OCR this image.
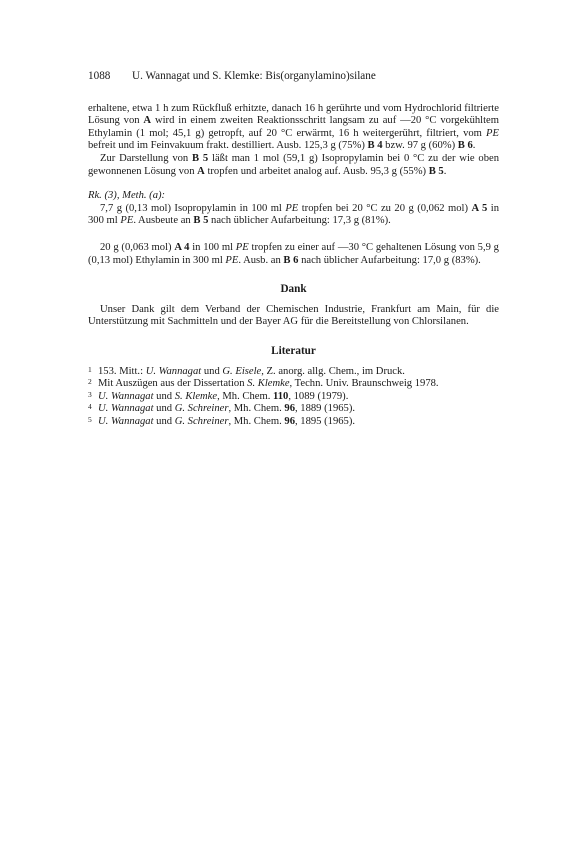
1088 U. Wannagat und S. Klemke: Bis(organylamino)silane

erhaltene, etwa 1 h zum Rückfluß erhitzte, danach 16 h gerührte und vom Hydrochlorid filtrierte Lösung von A wird in einem zweiten Reaktionsschritt langsam zu auf —20 °C vorgekühltem Ethylamin (1 mol; 45,1 g) getropft, auf 20 °C erwärmt, 16 h weitergerührt, filtriert, vom PE befreit und im Feinvakuum frakt. destilliert. Ausb. 125,3 g (75%) B 4 bzw. 97 g (60%) B 6.

Zur Darstellung von B 5 läßt man 1 mol (59,1 g) Isopropylamin bei 0 °C zu der wie oben gewonnenen Lösung von A tropfen und arbeitet analog auf. Ausb. 95,3 g (55%) B 5.

Rk. (3), Meth. (a):

7,7 g (0,13 mol) Isopropylamin in 100 ml PE tropfen bei 20 °C zu 20 g (0,062 mol) A 5 in 300 ml PE. Ausbeute an B 5 nach üblicher Aufarbeitung: 17,3 g (81%).

20 g (0,063 mol) A 4 in 100 ml PE tropfen zu einer auf —30 °C gehaltenen Lösung von 5,9 g (0,13 mol) Ethylamin in 300 ml PE. Ausb. an B 6 nach üblicher Aufarbeitung: 17,0 g (83%).

Dank

Unser Dank gilt dem Verband der Chemischen Industrie, Frankfurt am Main, für die Unterstützung mit Sachmitteln und der Bayer AG für die Bereitstellung von Chlorsilanen.

Literatur
1 153. Mitt.: U. Wannagat und G. Eisele, Z. anorg. allg. Chem., im Druck.
2 Mit Auszügen aus der Dissertation S. Klemke, Techn. Univ. Braunschweig 1978.
3 U. Wannagat und S. Klemke, Mh. Chem. 110, 1089 (1979).
4 U. Wannagat und G. Schreiner, Mh. Chem. 96, 1889 (1965).
5 U. Wannagat und G. Schreiner, Mh. Chem. 96, 1895 (1965).
